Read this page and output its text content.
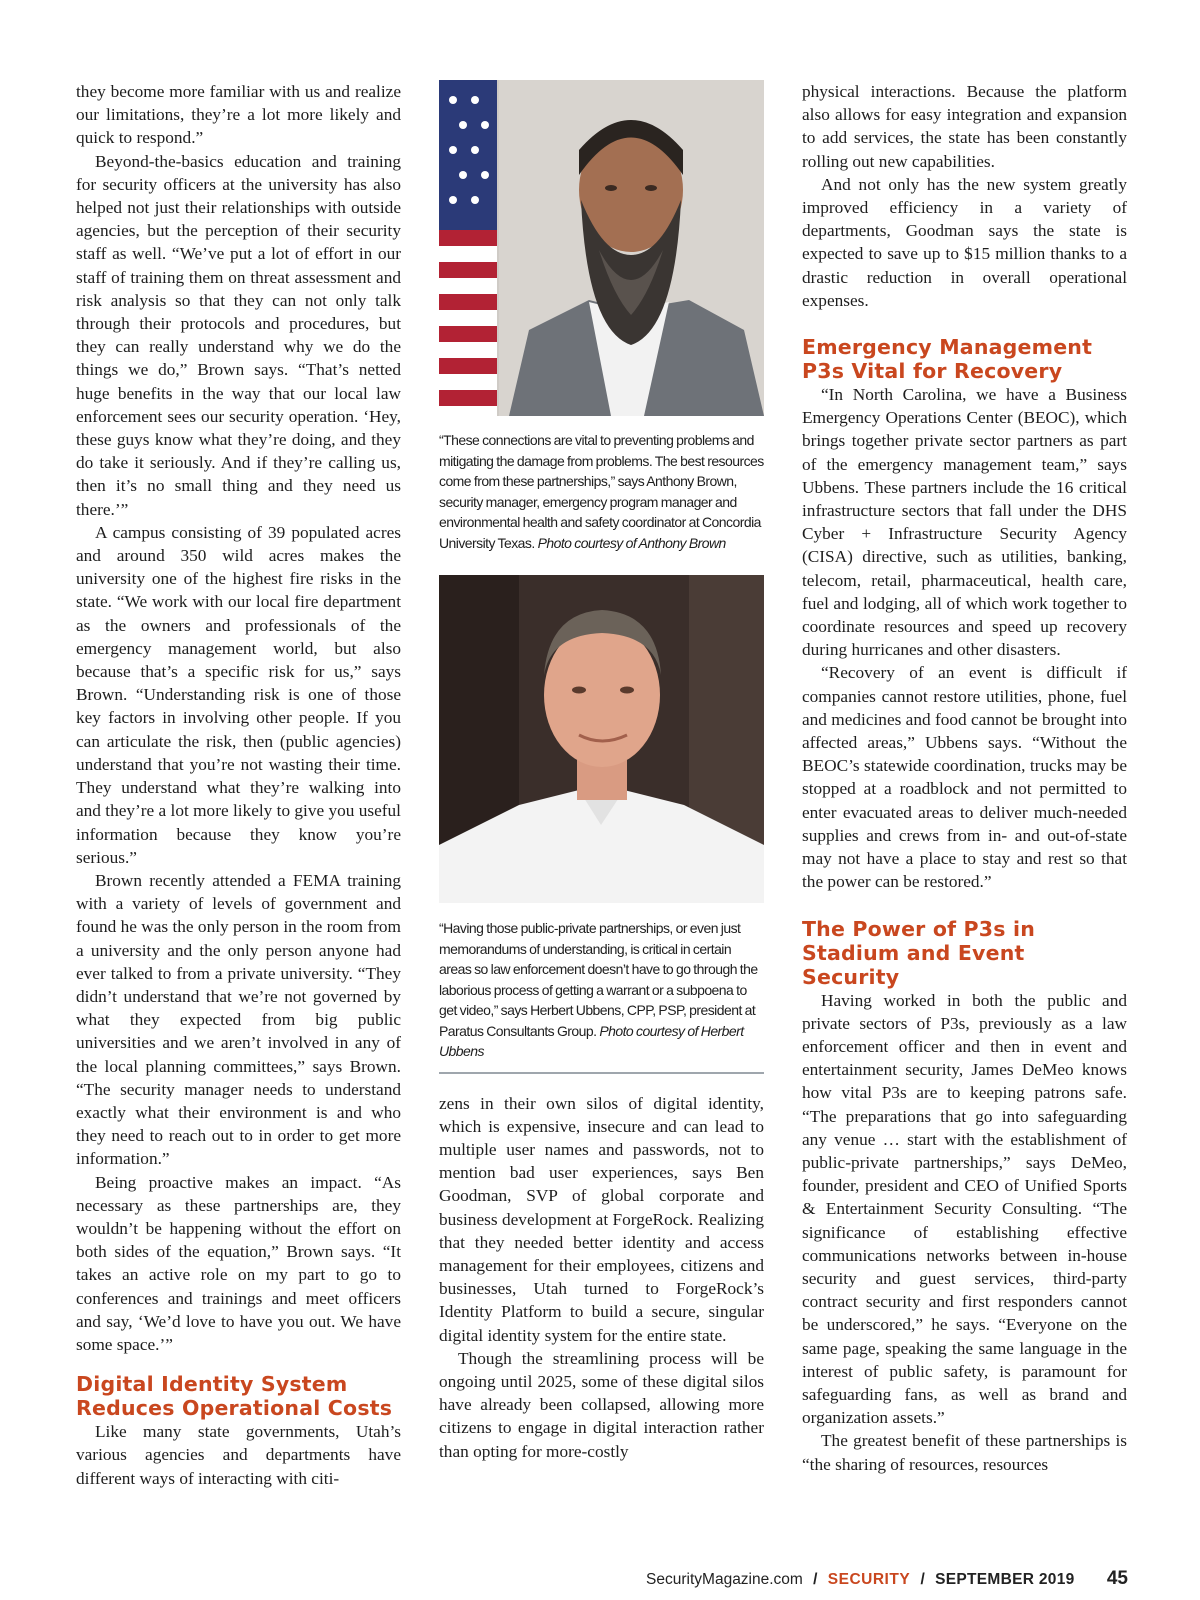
they become more familiar with us and realize our limitations, they’re a lot more likely and quick to respond.”

Beyond-the-basics education and training for security officers at the university has also helped not just their relationships with outside agencies, but the perception of their security staff as well. “We’ve put a lot of effort in our staff of training them on threat assessment and risk analysis so that they can not only talk through their protocols and procedures, but they can really understand why we do the things we do,” Brown says. “That’s netted huge benefits in the way that our local law enforcement sees our security operation. ‘Hey, these guys know what they’re doing, and they do take it seriously. And if they’re calling us, then it’s no small thing and they need us there.’”

A campus consisting of 39 populated acres and around 350 wild acres makes the university one of the highest fire risks in the state. “We work with our local fire department as the owners and professionals of the emergency management world, but also because that’s a specific risk for us,” says Brown. “Understanding risk is one of those key factors in involving other people. If you can articulate the risk, then (public agencies) understand that you’re not wasting their time. They understand what they’re walking into and they’re a lot more likely to give you useful information because they know you’re serious.”

Brown recently attended a FEMA training with a variety of levels of government and found he was the only person in the room from a university and the only person anyone had ever talked to from a private university. “They didn’t understand that we’re not governed by what they expected from big public universities and we aren’t involved in any of the local planning committees,” says Brown. “The security manager needs to understand exactly what their environment is and who they need to reach out to in order to get more information.”

Being proactive makes an impact. “As necessary as these partnerships are, they wouldn’t be happening without the effort on both sides of the equation,” Brown says. “It takes an active role on my part to go to conferences and trainings and meet officers and say, ‘We’d love to have you out. We have some space.’”

Digital Identity System Reduces Operational Costs

Like many state governments, Utah’s various agencies and departments have different ways of interacting with citi-

“These connections are vital to preventing problems and mitigating the damage from problems. The best resources come from these partnerships,” says Anthony Brown, security manager, emergency program manager and environmental health and safety coordinator at Concordia University Texas. Photo courtesy of Anthony Brown

“Having those public-private partnerships, or even just memorandums of understanding, is critical in certain areas so law enforcement doesn’t have to go through the laborious process of getting a warrant or a subpoena to get video,” says Herbert Ubbens, CPP, PSP, president at Paratus Consultants Group. Photo courtesy of Herbert Ubbens

zens in their own silos of digital identity, which is expensive, insecure and can lead to multiple user names and passwords, not to mention bad user experiences, says Ben Goodman, SVP of global corporate and business development at ForgeRock. Realizing that they needed better identity and access management for their employees, citizens and businesses, Utah turned to ForgeRock’s Identity Platform to build a secure, singular digital identity system for the entire state.

Though the streamlining process will be ongoing until 2025, some of these digital silos have already been collapsed, allowing more citizens to engage in digital interaction rather than opting for more-costly

physical interactions. Because the platform also allows for easy integration and expansion to add services, the state has been constantly rolling out new capabilities.

And not only has the new system greatly improved efficiency in a variety of departments, Goodman says the state is expected to save up to $15 million thanks to a drastic reduction in overall operational expenses.

Emergency Management P3s Vital for Recovery

“In North Carolina, we have a Business Emergency Operations Center (BEOC), which brings together private sector partners as part of the emergency management team,” says Ubbens. These partners include the 16 critical infrastructure sectors that fall under the DHS Cyber + Infrastructure Security Agency (CISA) directive, such as utilities, banking, telecom, retail, pharmaceutical, health care, fuel and lodging, all of which work together to coordinate resources and speed up recovery during hurricanes and other disasters.

“Recovery of an event is difficult if companies cannot restore utilities, phone, fuel and medicines and food cannot be brought into affected areas,” Ubbens says. “Without the BEOC’s statewide coordination, trucks may be stopped at a roadblock and not permitted to enter evacuated areas to deliver much-needed supplies and crews from in- and out-of-state may not have a place to stay and rest so that the power can be restored.”

The Power of P3s in Stadium and Event Security

Having worked in both the public and private sectors of P3s, previously as a law enforcement officer and then in event and entertainment security, James DeMeo knows how vital P3s are to keeping patrons safe. “The preparations that go into safeguarding any venue … start with the establishment of public-private partnerships,” says DeMeo, founder, president and CEO of Unified Sports & Entertainment Security Consulting. “The significance of establishing effective communications networks between in-house security and guest services, third-party contract security and first responders cannot be underscored,” he says. “Everyone on the same page, speaking the same language in the interest of public safety, is paramount for safeguarding fans, as well as brand and organization assets.”

The greatest benefit of these partnerships is “the sharing of resources, resources

SecurityMagazine.com / SECURITY / SEPTEMBER 2019 45
